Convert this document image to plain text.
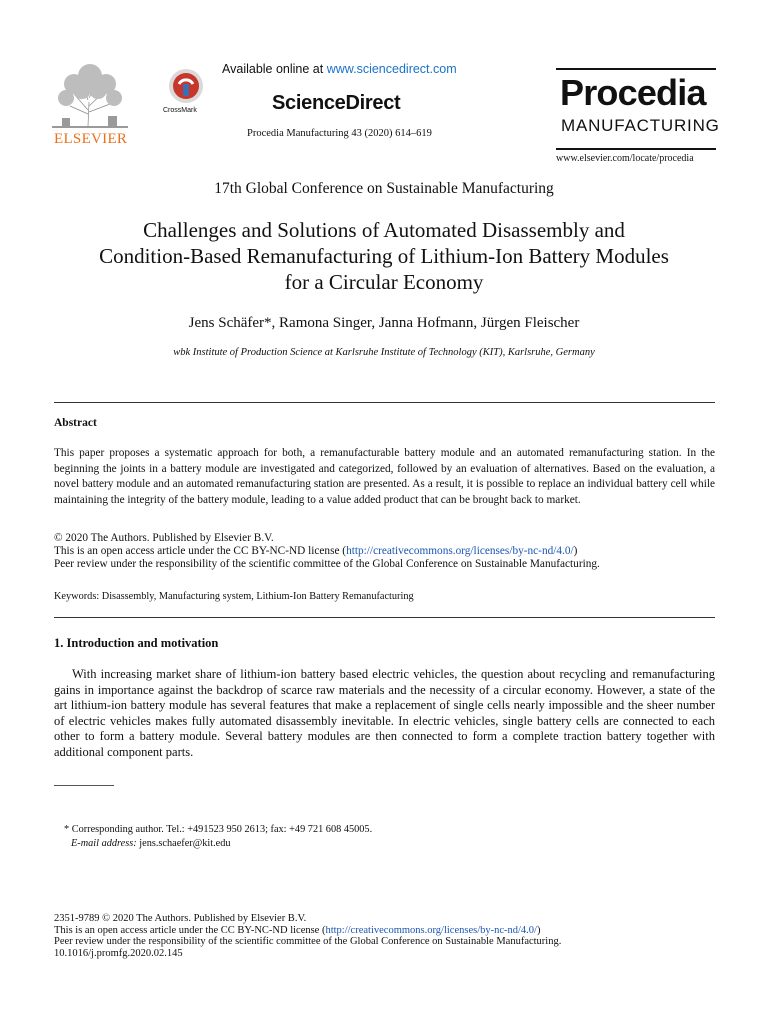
ELSEVIER
Available online at www.sciencedirect.com
CrossMark	ScienceDirect
Procedia Manufacturing 43 (2020) 614–619
Procedia
MANUFACTURING
www.elsevier.com/locate/procedia
17th Global Conference on Sustainable Manufacturing
Challenges and Solutions of Automated Disassembly and
Condition-Based Remanufacturing of Lithium-Ion Battery Modules
for a Circular Economy
Jens Schäfer*, Ramona Singer, Janna Hofmann, Jürgen Fleischer
wbk Institute of Production Science at Karlsruhe Institute of Technology (KIT), Karlsruhe, Germany
Abstract
This paper proposes a systematic approach for both, a remanufacturable battery module and an automated remanufacturing station. In the beginning the joints in a battery module are investigated and categorized, followed by an evaluation of alternatives. Based on the evaluation, a novel battery module and an automated remanufacturing station are presented. As a result, it is possible to replace an individual battery cell while maintaining the integrity of the battery module, leading to a value added product that can be brought back to market.
© 2020 The Authors. Published by Elsevier B.V.
This is an open access article under the CC BY-NC-ND license (http://creativecommons.org/licenses/by-nc-nd/4.0/)
Peer review under the responsibility of the scientific committee of the Global Conference on Sustainable Manufacturing.
Keywords: Disassembly, Manufacturing system, Lithium-Ion Battery Remanufacturing
1. Introduction and motivation
With increasing market share of lithium-ion battery based electric vehicles, the question about recycling and remanufacturing gains in importance against the backdrop of scarce raw materials and the necessity of a circular economy. However, a state of the art lithium-ion battery module has several features that make a replacement of single cells nearly impossible and the sheer number of electric vehicles makes fully automated disassembly inevitable. In electric vehicles, single battery cells are connected to each other to form a battery module. Several battery modules are then connected to form a complete traction battery together with additional component parts.
* Corresponding author. Tel.: +491523 950 2613; fax: +49 721 608 45005.
E-mail address: jens.schaefer@kit.edu
2351-9789 © 2020 The Authors. Published by Elsevier B.V.
This is an open access article under the CC BY-NC-ND license (http://creativecommons.org/licenses/by-nc-nd/4.0/)
Peer review under the responsibility of the scientific committee of the Global Conference on Sustainable Manufacturing.
10.1016/j.promfg.2020.02.145
